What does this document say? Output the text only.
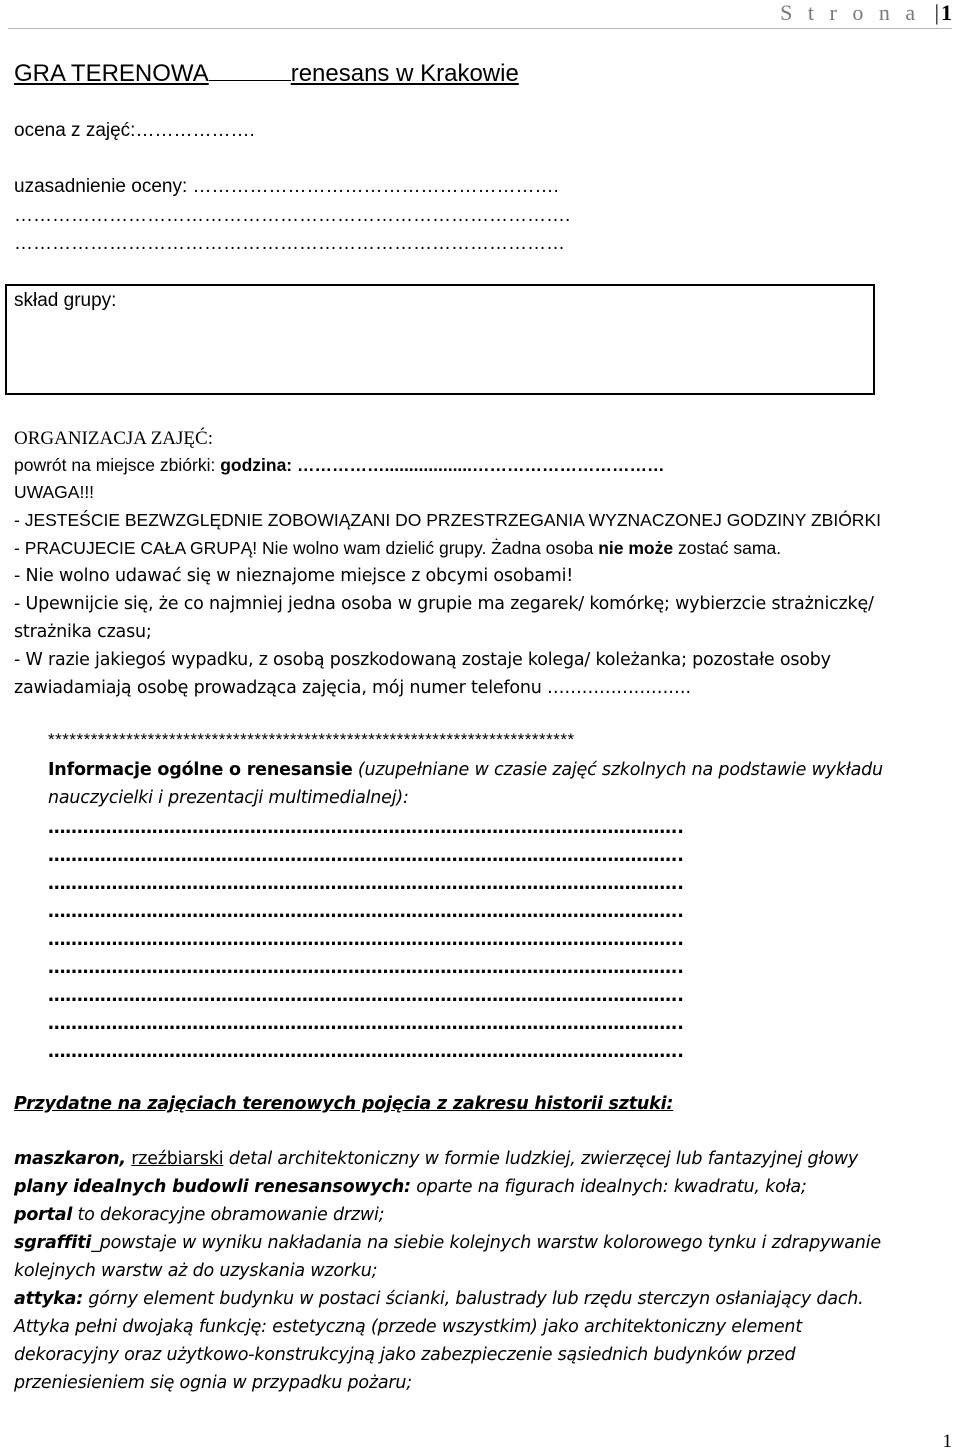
S t r o n a |1
GRA TERENOWA	renesans w Krakowie
ocena z zajęć:……………….
uzasadnienie oceny: ………………………………………………….
…………………………………………………………………………….
……………………………………………………………………………
skład grupy:
ORGANIZACJA ZAJĘĆ:
powrót na miejsce zbiórki: godzina: ……………..................……………………………
UWAGA!!!
- JESTEŚCIE BEZWZGLĘDNIE ZOBOWIĄZANI DO PRZESTRZEGANIA WYZNACZONEJ GODZINY ZBIÓRKI
- PRACUJECIE CAŁA GRUPĄ! Nie wolno wam dzielić grupy. Żadna osoba nie może zostać sama.
- Nie wolno udawać się w nieznajome miejsce z obcymi osobami!
- Upewnijcie się, że co najmniej jedna osoba w grupie ma zegarek/ komórkę; wybierzcie strażniczkę/
strażnika czasu;
- W razie jakiegoś wypadku, z osobą poszkodowaną zostaje kolega/ koleżanka; pozostałe osoby
zawiadamiają osobę prowadząca zajęcia, mój numer telefonu …………………….
**************************************************************************
Informacje ogólne o renesansie (uzupełniane w czasie zajęć szkolnych na podstawie wykładu
nauczycielki i prezentacji multimedialnej):
………………………………………………………………………………………………..
………………………………………………………………………………………………..
………………………………………………………………………………………………..
………………………………………………………………………………………………..
………………………………………………………………………………………………..
………………………………………………………………………………………………..
………………………………………………………………………………………………..
………………………………………………………………………………………………..
………………………………………………………………………………………………..
Przydatne na zajęciach terenowych pojęcia z zakresu historii sztuki:
maszkaron, rzeźbiarski detal architektoniczny w formie ludzkiej, zwierzęcej lub fantazyjnej głowy
plany idealnych budowli renesansowych: oparte na figurach idealnych: kwadratu, koła;
portal to dekoracyjne obramowanie drzwi;
sgraffiti_powstaje w wyniku nakładania na siebie kolejnych warstw kolorowego tynku i zdrapywanie
kolejnych warstw aż do uzyskania wzorku;
attyka: górny element budynku w postaci ścianki, balustrady lub rzędu sterczyn osłaniający dach.
Attyka pełni dwojaką funkcję: estetyczną (przede wszystkim) jako architektoniczny element
dekoracyjny oraz użytkowo-konstrukcyjną jako zabezpieczenie sąsiednich budynków przed
przeniesieniem się ognia w przypadku pożaru;
1
